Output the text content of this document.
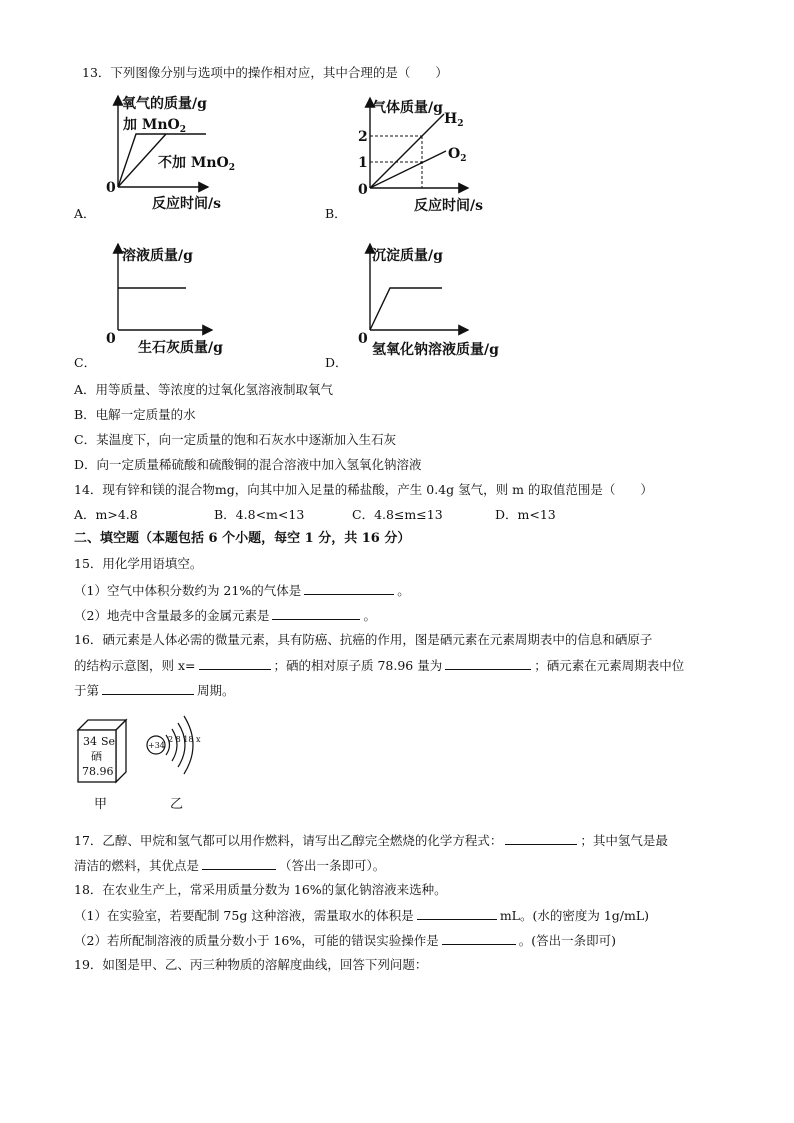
13．下列图像分别与选项中的操作相对应，其中合理的是（　　）
氧气的质量/g
加 MnO$_2$
不加 MnO$_2$
0
反应时间/s
A．
气体质量/g
$H_2$
$O_2$
2
1
0
反应时间/s
B．
溶液质量/g
0
生石灰质量/g
C．
沉淀质量/g
0
氢氧化钠溶液质量/g
D．
A．用等质量、等浓度的过氧化氢溶液制取氧气
B．电解一定质量的水
C．某温度下，向一定质量的饱和石灰水中逐渐加入生石灰
D．向一定质量稀硫酸和硫酸铜的混合溶液中加入氢氧化钠溶液
14．现有锌和镁的混合物mg，向其中加入足量的稀盐酸，产生 0.4g 氢气，则 m 的取值范围是（　　）
A．m>4.8	B．4.8<m<13	C．4.8≤m≤13	D．m<13
二、填空题（本题包括 6 个小题，每空 1 分，共 16 分）
15．用化学用语填空。
（1）空气中体积分数约为 21%的气体是	。
（2）地壳中含量最多的金属元素是	。
16．硒元素是人体必需的微量元素，具有防癌、抗癌的作用，图是硒元素在元素周期表中的信息和硒原子
的结构示意图，则 x=	；硒的相对原子质 78.96 量为	；硒元素在元素周期表中位
于第	周期。
34 Se
硒
78.96
+34
2 8 18 x
甲	乙
17．乙醇、甲烷和氢气都可以用作燃料，请写出乙醇完全燃烧的化学方程式：	；其中氢气是最
清洁的燃料，其优点是	（答出一条即可）。
18．在农业生产上，常采用质量分数为 16%的氯化钠溶液来选种。
（1）在实验室，若要配制 75g 这种溶液，需量取水的体积是	mL。(水的密度为 1g/mL)
（2）若所配制溶液的质量分数小于 16%，可能的错误实验操作是	。(答出一条即可)
19．如图是甲、乙、丙三种物质的溶解度曲线，回答下列问题：
